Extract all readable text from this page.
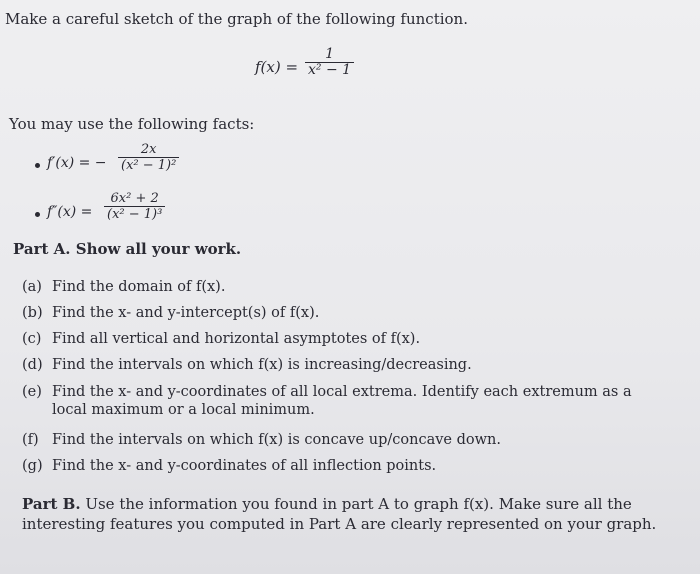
Make a careful sketch of the graph of the following function.
f(x) =
1
x² − 1
You may use the following facts:
f′(x) = −
2x
(x² − 1)²
f″(x) =
6x² + 2
(x² − 1)³
Part A. Show all your work.
(a) Find the domain of f(x).
(b) Find the x- and y-intercept(s) of f(x).
(c) Find all vertical and horizontal asymptotes of f(x).
(d) Find the intervals on which f(x) is increasing/decreasing.
(e) Find the x- and y-coordinates of all local extrema. Identify each extremum as a
local maximum or a local minimum.
(f) Find the intervals on which f(x) is concave up/concave down.
(g) Find the x- and y-coordinates of all inflection points.
Part B. Use the information you found in part A to graph f(x). Make sure all the
interesting features you computed in Part A are clearly represented on your graph.
